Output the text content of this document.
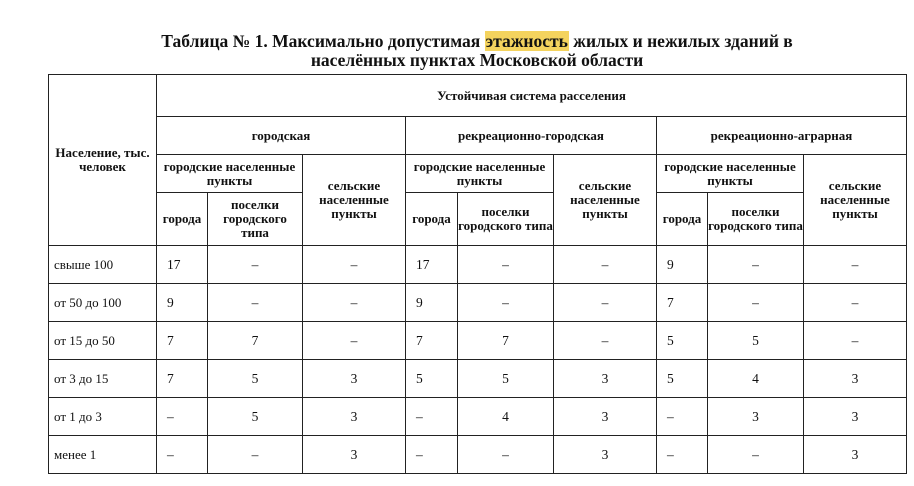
Таблица № 1. Максимально допустимая этажность жилых и нежилых зданий в
населённых пунктах Московской области
Население, тыс. человек	Устойчивая система расселения								
	городская			рекреационно-городская			рекреационно-аграрная		
	городские населенные пункты		сельские населенные пункты	городские населенные пункты		сельские населенные пункты	городские населенные пункты		сельские населенные пункты
	города	поселки городского типа		города	поселки городского типа		города	поселки городского типа	
свыше 100	17	–	–	17	–	–	9	–	–
от 50 до 100	9	–	–	9	–	–	7	–	–
от 15 до 50	7	7	–	7	7	–	5	5	–
от 3 до 15	7	5	3	5	5	3	5	4	3
от 1 до 3	–	5	3	–	4	3	–	3	3
менее 1	–	–	3	–	–	3	–	–	3
